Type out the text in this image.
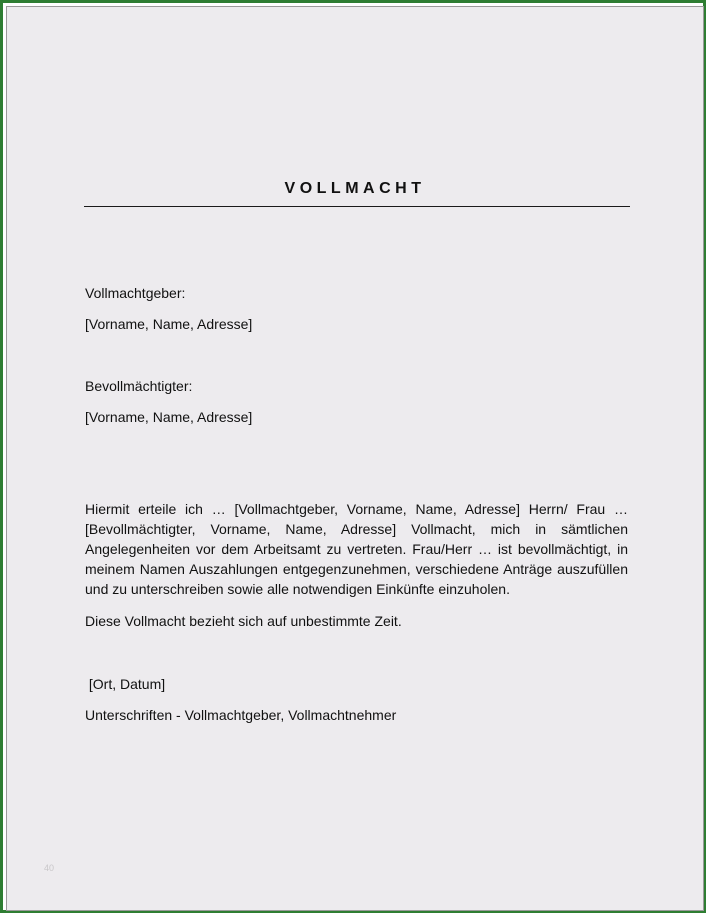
VOLLMACHT
Vollmachtgeber:
[Vorname, Name, Adresse]
Bevollmächtigter:
[Vorname, Name, Adresse]
Hiermit erteile ich … [Vollmachtgeber, Vorname, Name, Adresse] Herrn/ Frau … [Bevollmächtigter, Vorname, Name, Adresse] Vollmacht, mich in sämtlichen Angelegenheiten vor dem Arbeitsamt zu vertreten. Frau/Herr … ist bevollmächtigt, in meinem Namen Auszahlungen entgegenzunehmen, verschiedene Anträge auszufüllen und zu unterschreiben sowie alle notwendigen Einkünfte einzuholen.
Diese Vollmacht bezieht sich auf unbestimmte Zeit.
[Ort, Datum]
Unterschriften - Vollmachtgeber, Vollmachtnehmer
40
